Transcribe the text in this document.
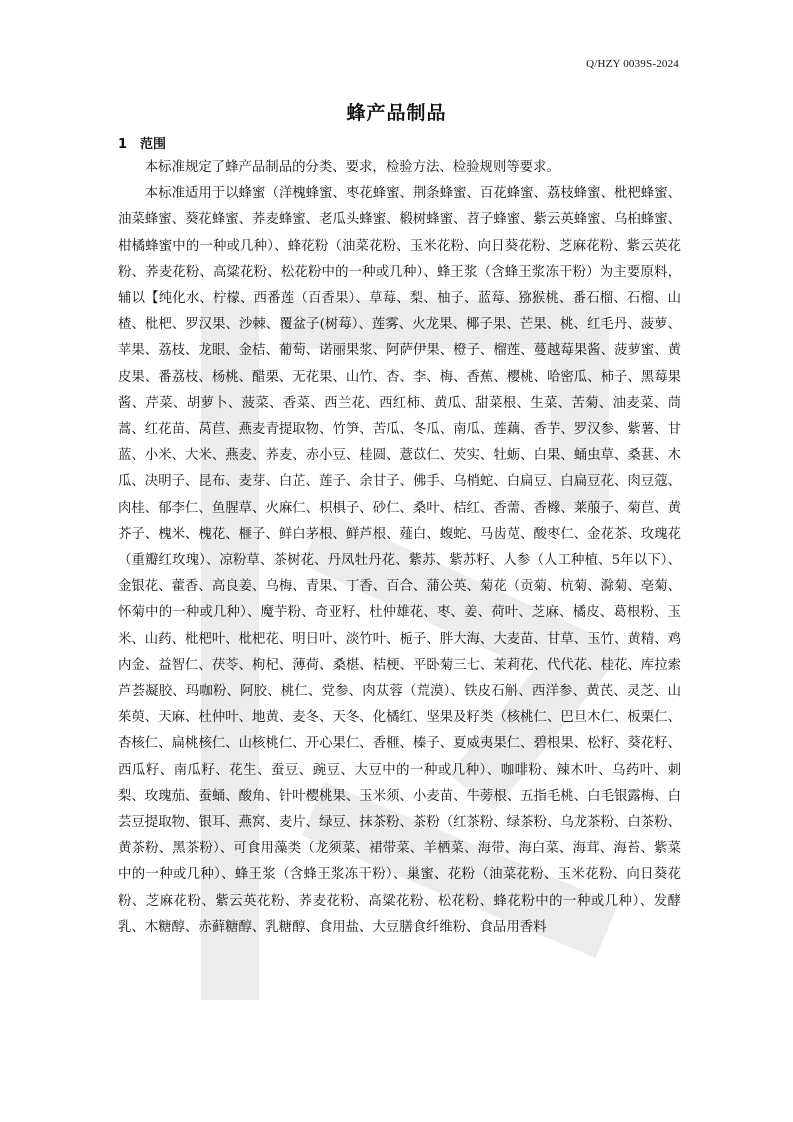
Q/HZY 0039S-2024
蜂产品制品
1 范围

本标准规定了蜂产品制品的分类、要求，检验方法、检验规则等要求。

本标准适用于以蜂蜜（洋槐蜂蜜、枣花蜂蜜、荆条蜂蜜、百花蜂蜜、荔枝蜂蜜、枇杷蜂蜜、油菜蜂蜜、葵花蜂蜜、荞麦蜂蜜、老瓜头蜂蜜、椴树蜂蜜、苕子蜂蜜、紫云英蜂蜜、乌桕蜂蜜、柑橘蜂蜜中的一种或几种）、蜂花粉（油菜花粉、玉米花粉、向日葵花粉、芝麻花粉、紫云英花粉、荞麦花粉、高粱花粉、松花粉中的一种或几种）、蜂王浆（含蜂王浆冻干粉）为主要原料，辅以【纯化水、柠檬、西番莲（百香果）、草莓、梨、柚子、蓝莓、猕猴桃、番石榴、石榴、山楂、枇杷、罗汉果、沙棘、覆盆子(树莓）、莲雾、火龙果、椰子果、芒果、桃、红毛丹、菠萝、苹果、荔枝、龙眼、金桔、葡萄、诺丽果浆、阿萨伊果、橙子、榴莲、蔓越莓果酱、菠萝蜜、黄皮果、番荔枝、杨桃、醋栗、无花果、山竹、杏、李、梅、香蕉、樱桃、哈密瓜、柿子、黑莓果酱、芹菜、胡萝卜、菠菜、香菜、西兰花、西红柿、黄瓜、甜菜根、生菜、苦菊、油麦菜、茼蒿、红花苗、莴苣、燕麦青提取物、竹笋、苦瓜、冬瓜、南瓜、莲藕、香芋、罗汉参、紫薯、甘蓝、小米、大米、燕麦、荞麦、赤小豆、桂圆、薏苡仁、芡实、牡蛎、白果、蛹虫草、桑葚、木瓜、决明子、昆布、麦芽、白芷、莲子、余甘子、佛手、乌梢蛇、白扁豆、白扁豆花、肉豆蔻、肉桂、郁李仁、鱼腥草、火麻仁、枳椇子、砂仁、桑叶、桔红、香薷、香橼、莱菔子、菊苣、黄芥子、槐米、槐花、榧子、鲜白茅根、鲜芦根、薤白、蝮蛇、马齿苋、酸枣仁、金花茶、玫瑰花（重瓣红玫瑰）、凉粉草、茶树花、丹凤牡丹花、紫苏、紫苏籽、人参（人工种植、5年以下）、金银花、藿香、高良姜、乌梅、青果、丁香、百合、蒲公英、菊花（贡菊、杭菊、滁菊、亳菊、怀菊中的一种或几种）、魔芋粉、奇亚籽、杜仲雄花、枣、姜、荷叶、芝麻、橘皮、葛根粉、玉米、山药、枇杷叶、枇杷花、明日叶、淡竹叶、栀子、胖大海、大麦苗、甘草、玉竹、黄精、鸡内金、益智仁、茯苓、枸杞、薄荷、桑椹、桔梗、平卧菊三七、茉莉花、代代花、桂花、库拉索芦荟凝胶、玛咖粉、阿胶、桃仁、党参、肉苁蓉（荒漠）、铁皮石斛、西洋参、黄芪、灵芝、山茱萸、天麻、杜仲叶、地黄、麦冬、天冬、化橘红、坚果及籽类（核桃仁、巴旦木仁、板栗仁、杏核仁、扁桃核仁、山核桃仁、开心果仁、香榧、榛子、夏威夷果仁、碧根果、松籽、葵花籽、西瓜籽、南瓜籽、花生、蚕豆、豌豆、大豆中的一种或几种）、咖啡粉、辣木叶、乌药叶、刺梨、玫瑰茄、蚕蛹、酸角、针叶樱桃果、玉米须、小麦苗、牛蒡根、五指毛桃、白毛银露梅、白芸豆提取物、银耳、燕窝、麦片、绿豆、抹茶粉、茶粉（红茶粉、绿茶粉、乌龙茶粉、白茶粉、黄茶粉、黑茶粉）、可食用藻类（龙须菜、裙带菜、羊栖菜、海带、海白菜、海茸、海苔、紫菜中的一种或几种）、蜂王浆（含蜂王浆冻干粉）、巢蜜、花粉（油菜花粉、玉米花粉、向日葵花粉、芝麻花粉、紫云英花粉、荞麦花粉、高粱花粉、松花粉、蜂花粉中的一种或几种）、发酵乳、木糖醇、赤藓糖醇、乳糖醇、食用盐、大豆膳食纤维粉、食品用香料
